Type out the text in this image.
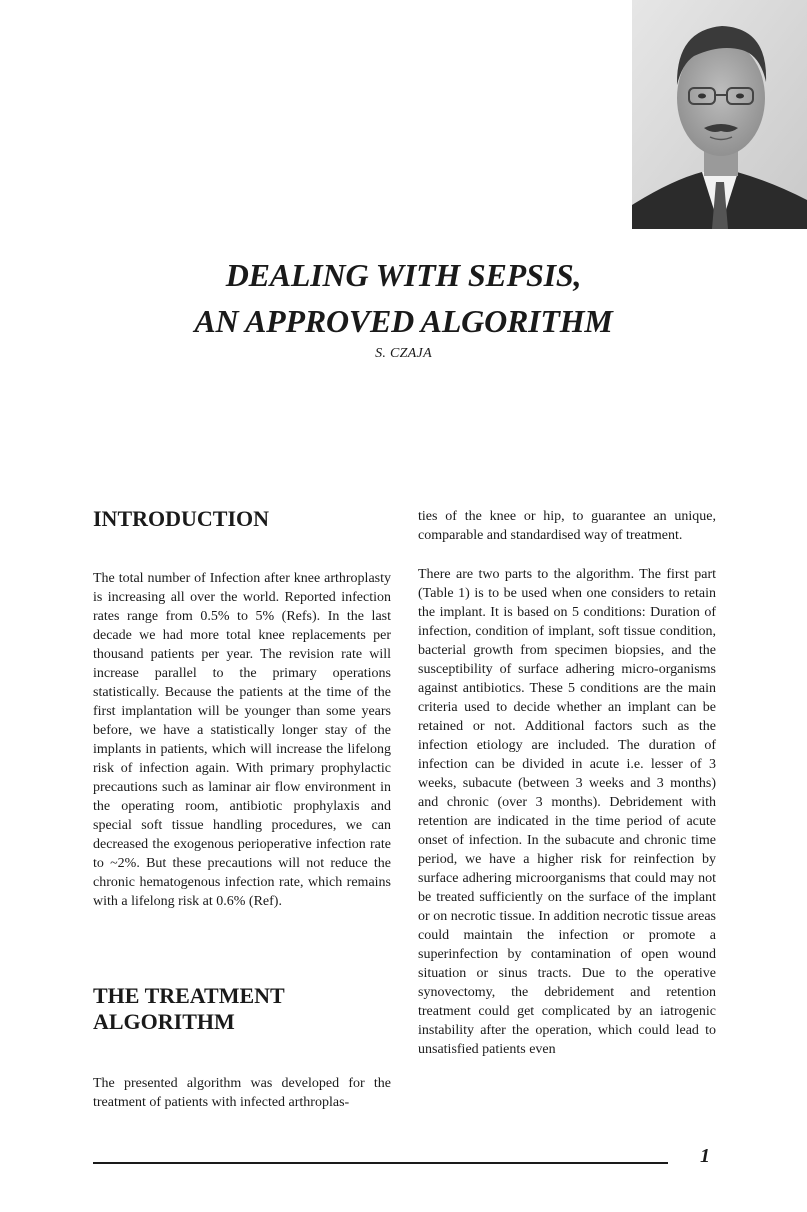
DEALING WITH SEPSIS,
AN APPROVED ALGORITHM
S. CZAJA
INTRODUCTION

The total number of Infection after knee arthroplasty is increasing all over the world. Reported infection rates range from 0.5% to 5% (Refs). In the last decade we had more total knee replacements per thousand patients per year. The revision rate will increase parallel to the primary operations statistically. Because the patients at the time of the first implantation will be younger than some years before, we have a statistically longer stay of the implants in patients, which will increase the lifelong risk of infection again. With primary prophylactic precautions such as laminar air flow environment in the operating room, antibiotic prophylaxis and special soft tissue handling procedures, we can decreased the exogenous perioperative infection rate to ~2%. But these precautions will not reduce the chronic hematogenous infection rate, which remains with a lifelong risk at 0.6% (Ref).

THE TREATMENT
ALGORITHM

The presented algorithm was developed for the treatment of patients with infected arthroplas-

ties of the knee or hip, to guarantee an unique, comparable and standardised way of treatment.

There are two parts to the algorithm. The first part (Table 1) is to be used when one considers to retain the implant. It is based on 5 conditions: Duration of infection, condition of implant, soft tissue condition, bacterial growth from specimen biopsies, and the susceptibility of surface adhering micro-organisms against antibiotics. These 5 conditions are the main criteria used to decide whether an implant can be retained or not. Additional factors such as the infection etiology are included. The duration of infection can be divided in acute i.e. lesser of 3 weeks, subacute (between 3 weeks and 3 months) and chronic (over 3 months). Debridement with retention are indicated in the time period of acute onset of infection. In the subacute and chronic time period, we have a higher risk for reinfection by surface adhering microorganisms that could may not be treated sufficiently on the surface of the implant or on necrotic tissue. In addition necrotic tissue areas could maintain the infection or promote a superinfection by contamination of open wound situation or sinus tracts. Due to the operative synovectomy, the debridement and retention treatment could get complicated by an iatrogenic instability after the operation, which could lead to unsatisfied patients even

1
